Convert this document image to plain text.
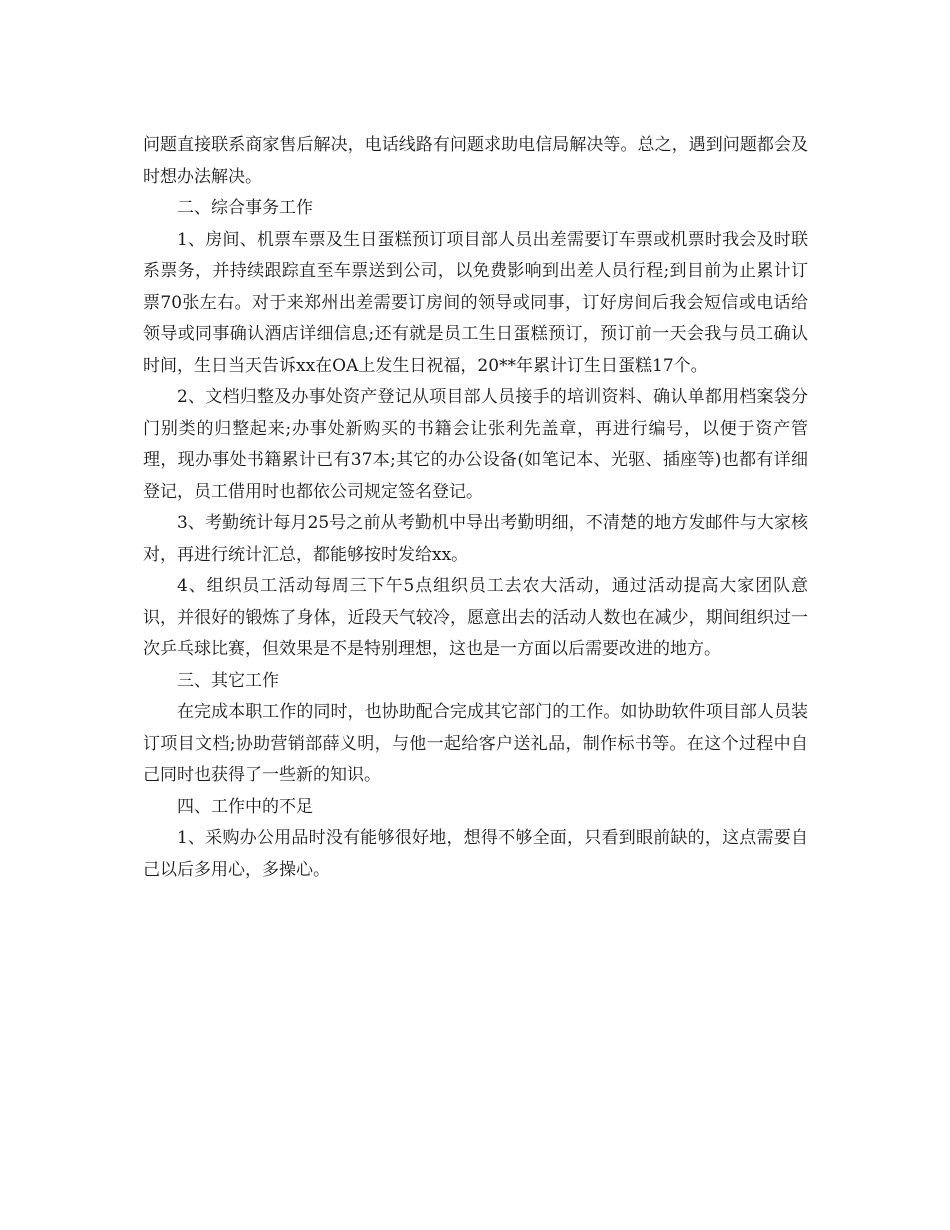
问题直接联系商家售后解决，电话线路有问题求助电信局解决等。总之，遇到问题都会及时想办法解决。

二、综合事务工作

1、房间、机票车票及生日蛋糕预订项目部人员出差需要订车票或机票时我会及时联系票务，并持续跟踪直至车票送到公司，以免费影响到出差人员行程;到目前为止累计订票70张左右。对于来郑州出差需要订房间的领导或同事，订好房间后我会短信或电话给领导或同事确认酒店详细信息;还有就是员工生日蛋糕预订，预订前一天会我与员工确认时间，生日当天告诉xx在OA上发生日祝福，20**年累计订生日蛋糕17个。

2、文档归整及办事处资产登记从项目部人员接手的培训资料、确认单都用档案袋分门别类的归整起来;办事处新购买的书籍会让张利先盖章，再进行编号，以便于资产管理，现办事处书籍累计已有37本;其它的办公设备(如笔记本、光驱、插座等)也都有详细登记，员工借用时也都依公司规定签名登记。

3、考勤统计每月25号之前从考勤机中导出考勤明细，不清楚的地方发邮件与大家核对，再进行统计汇总，都能够按时发给xx。

4、组织员工活动每周三下午5点组织员工去农大活动，通过活动提高大家团队意识，并很好的锻炼了身体，近段天气较冷，愿意出去的活动人数也在减少，期间组织过一次乒乓球比赛，但效果是不是特别理想，这也是一方面以后需要改进的地方。

三、其它工作

在完成本职工作的同时，也协助配合完成其它部门的工作。如协助软件项目部人员装订项目文档;协助营销部薛义明，与他一起给客户送礼品，制作标书等。在这个过程中自己同时也获得了一些新的知识。

四、工作中的不足

1、采购办公用品时没有能够很好地，想得不够全面，只看到眼前缺的，这点需要自己以后多用心，多操心。
